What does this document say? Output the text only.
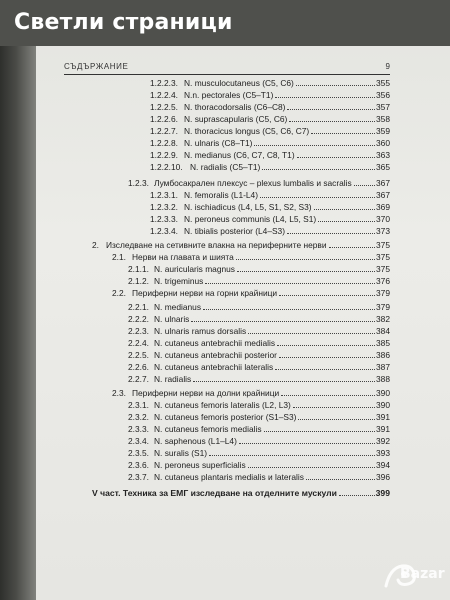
Светли страници
СЪДЪРЖАНИЕ	9
1.2.2.3. N. musculocutaneus (C5, C6)	355
1.2.2.4. N.n. pectorales (C5–T1)	356
1.2.2.5. N. thoracodorsalis (C6–C8)	357
1.2.2.6. N. suprascapularis (C5, C6)	358
1.2.2.7. N. thoracicus longus (C5, C6, C7)	359
1.2.2.8. N. ulnaris (C8–T1)	360
1.2.2.9. N. medianus (C6, C7, C8, T1)	363
1.2.2.10. N. radialis (C5–T1)	365
1.2.3. Лумбосакрален плексус – plexus lumbalis и sacralis	367
1.2.3.1. N. femoralis (L1-L4)	367
1.2.3.2. N. ischiadicus (L4, L5, S1, S2, S3)	369
1.2.3.3. N. peroneus communis (L4, L5, S1)	370
1.2.3.4. N. tibialis posterior (L4–S3)	373
2. Изследване на сетивните влакна на периферните нерви	375
2.1. Нерви на главата и шията	375
2.1.1. N. auricularis magnus	375
2.1.2. N. trigeminus	376
2.2. Периферни нерви на горни крайници	379
2.2.1. N. medianus	379
2.2.2. N. ulnaris	382
2.2.3. N. ulnaris ramus dorsalis	384
2.2.4. N. cutaneus antebrachii medialis	385
2.2.5. N. cutaneus antebrachii posterior	386
2.2.6. N. cutaneus antebrachii lateralis	387
2.2.7. N. radialis	388
2.3. Периферни нерви на долни крайници	390
2.3.1. N. cutaneus femoris lateralis (L2, L3)	390
2.3.2. N. cutaneus femoris posterior (S1–S3)	391
2.3.3. N. cutaneus femoris medialis	391
2.3.4. N. saphenous (L1–L4)	392
2.3.5. N. suralis (S1)	393
2.3.6. N. peroneus superficialis	394
2.3.7. N. cutaneus plantaris medialis и lateralis	396
V част. Техника за ЕМГ изследване на отделните мускули	399
Bazar
